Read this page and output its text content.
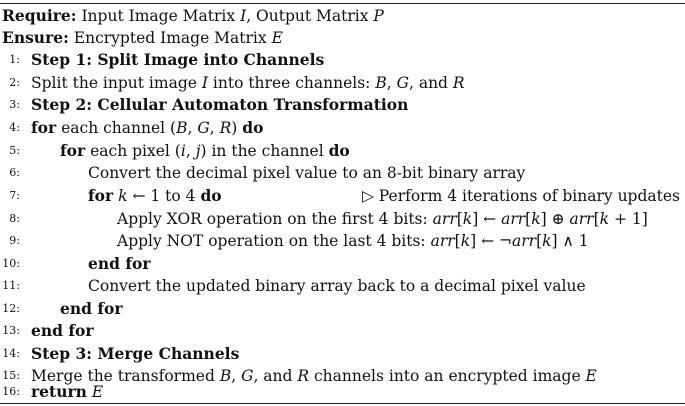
Require: Input Image Matrix I, Output Matrix P
Ensure: Encrypted Image Matrix E
1: Step 1: Split Image into Channels
2: Split the input image I into three channels: B, G, and R
3: Step 2: Cellular Automaton Transformation
4: for each channel (B, G, R) do
5:	for each pixel (i, j) in the channel do
6:	Convert the decimal pixel value to an 8-bit binary array
7:	for k ← 1 to 4 do	▷ Perform 4 iterations of binary updates
8:	Apply XOR operation on the first 4 bits: arr[k] ← arr[k] ⊕ arr[k + 1]
9:	Apply NOT operation on the last 4 bits: arr[k] ← ¬arr[k] ∧ 1
10:	end for
11:	Convert the updated binary array back to a decimal pixel value
12:	end for
13: end for
14: Step 3: Merge Channels
15: Merge the transformed B, G, and R channels into an encrypted image E
16: return E
